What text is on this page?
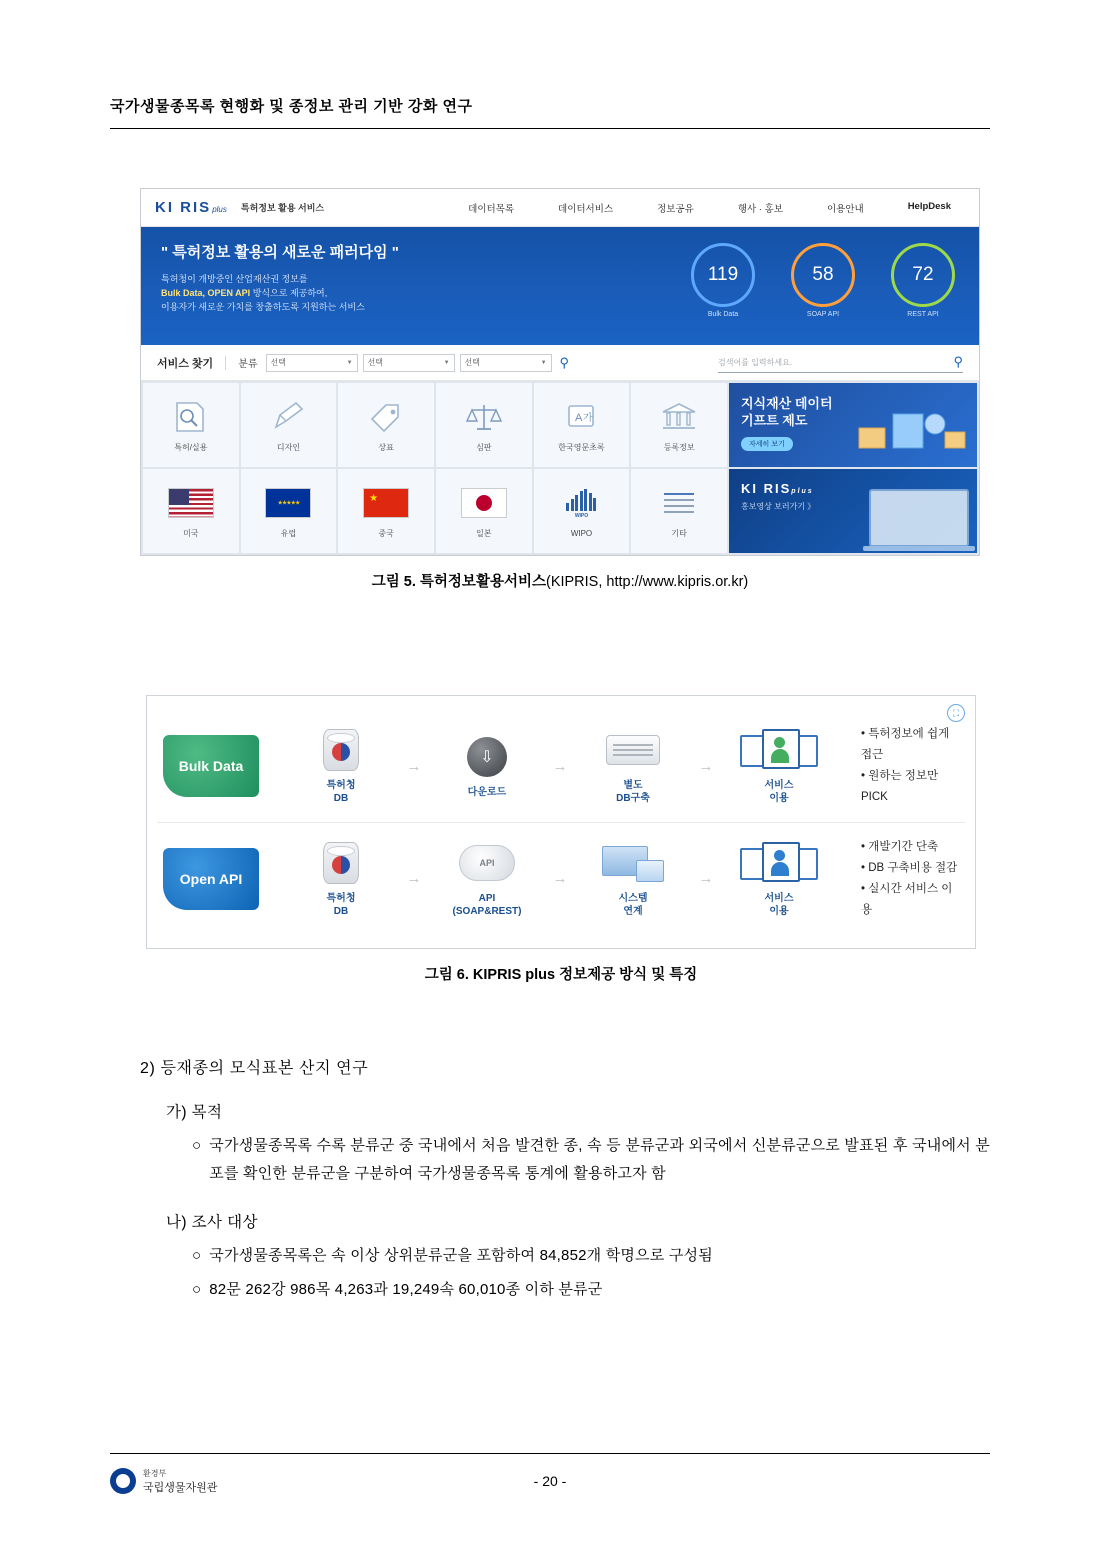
국가생물종목록 현행화 및 종정보 관리 기반 강화 연구
KI RIS plus 특허정보 활용 서비스	데이터목록	데이터서비스	정보공유	행사 · 홍보	이용안내	HelpDesk
" 특허정보 활용의 새로운 패러다임 "
특허청이 개방중인 산업재산권 정보를
Bulk Data, OPEN API 방식으로 제공하여,
이용자가 새로운 가치를 창출하도록 지원하는 서비스
119
Bulk Data
58
SOAP API
72
REST API
서비스 찾기	분류 선택	▼ 선택	▼ 선택	▼ ⚲	검색어를 입력하세요.	⚲
특허/실용	디자인	상표	심판
A 가
한국영문초록	등록정보
미국
★★★★★	유럽
★	중국	일본
WIPO
WIPO	기타
지식재산 데이터
기프트 제도
자세히 보기
KI RISplus
홍보영상 보러가기 》
그림 5. 특허정보활용서비스(KIPRIS, http://www.kipris.or.kr)
⛶
Bulk Data
특허청
DB
→
⇩
다운로드
→
별도
DB구축
→
서비스
이용
• 특허정보에 쉽게 접근
• 원하는 정보만 PICK
Open API
특허청
DB
→
API
API
(SOAP&REST)
→
시스템
연계
→
서비스
이용
• 개발기간 단축
• DB 구축비용 절감
• 실시간 서비스 이용
그림 6. KIPRIS plus 정보제공 방식 및 특징
2) 등재종의 모식표본 산지 연구
가) 목적
○ 국가생물종목록 수록 분류군 중 국내에서 처음 발견한 종, 속 등 분류군과 외국에서 신분류군으로 발표된 후 국내에서 분포를 확인한 분류군을 구분하여 국가생물종목록 통계에 활용하고자 함
나) 조사 대상
○ 국가생물종목록은 속 이상 상위분류군을 포함하여 84,852개 학명으로 구성됨
○ 82문 262강 986목 4,263과 19,249속 60,010종 이하 분류군
환경부
국립생물자원관	- 20 -
